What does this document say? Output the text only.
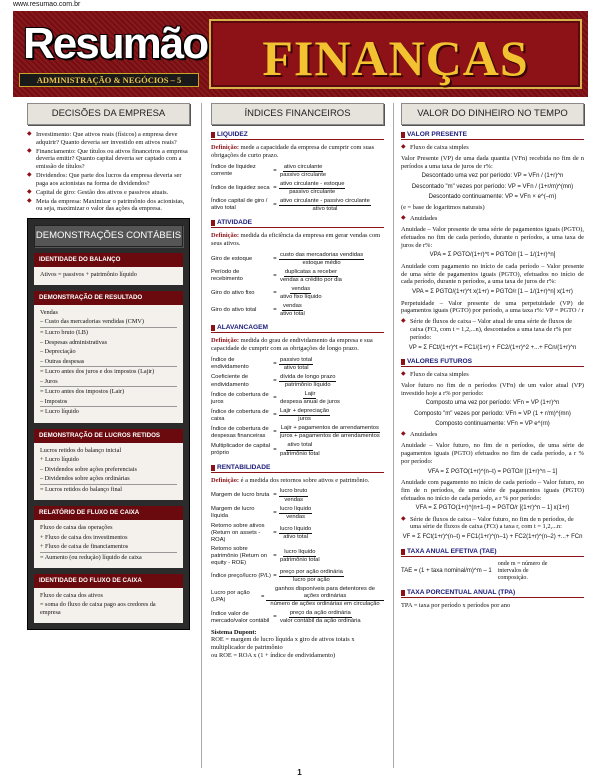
www.resumao.com.br
Resumão
ADMINISTRAÇÃO & NEGÓCIOS – 5	FINANÇAS
DECISÕES DA EMPRESA
◆ Investimento: Que ativos reais (físicos) a empresa deve adquirir? Quanto deveria ser investido em ativos reais?
◆ Financiamento: Que títulos ou ativos financeiros a empresa deveria emitir? Quanto capital deveria ser captado com a emissão de títulos?
◆ Dividendos: Que parte dos lucros da empresa deveria ser paga aos acionistas na forma de dividendos?
◆ Capital de giro: Gestão dos ativos e passivos atuais.
◆ Meta da empresa: Maximizar o patrimônio dos acionistas, ou seja, maximizar o valor das ações da empresa.
DEMONSTRAÇÕES CONTÁBEIS
IDENTIDADE DO BALANÇO
Ativos = passivos + patrimônio líquido
DEMONSTRAÇÃO DE RESULTADO
Vendas
– Custo das mercadorias vendidas (CMV)
= Lucro bruto (LB)
– Despesas administrativas
– Depreciação
– Outras despesas
= Lucro antes dos juros e dos impostos (Lajir)
– Juros
= Lucro antes dos impostos (Lair)
– Impostos
= Lucro líquido
DEMONSTRAÇÃO DE LUCROS RETIDOS
Lucros retidos do balanço inicial
+ Lucro líquido
– Dividendos sobre ações preferenciais
– Dividendos sobre ações ordinárias
= Lucros retidos do balanço final
RELATÓRIO DE FLUXO DE CAIXA
Fluxo de caixa das operações
+ Fluxo de caixa dos investimentos
+ Fluxo de caixa de financiamentos
= Aumento (ou redução) líquido de caixa
IDENTIDADE DO FLUXO DE CAIXA
Fluxo de caixa dos ativos
= soma do fluxo de caixa pago aos credores da empresa
ÍNDICES FINANCEIROS
LIQUIDEZ
Definição: mede a capacidade da empresa de cumprir com suas obrigações de curto prazo.
Índice de liquidez corrente
= $\frac{\text{ativo circulante}}{\text{passivo circulante}}$
Índice de liquidez $\sec a = \frac{\text{ativo circulante - estoque}}{\text{passivo circulante}}$
Índice capital de giro / ativo total
= $\frac{\text{ativo circulante - passivo circulante}}{\text{ativo total}}$
ATIVIDADE
Definição: medida da eficiência da empresa em gerar vendas com seus ativos.
Giro de estoque	= $\frac{\text{custo das mercadorias vendidas}}{\text{estoque médio}}$
Período de recebimento
= $\frac{\text{duplicatas a receber}}{\text{vendas a crédito por dia}}$
Giro do ativo fixo	= $\frac{\text{vendas}}{\text{ativo fixo líquido}}$
Giro do ativo total	= $\frac{\text{vendas}}{\text{ativo total}}$
ALAVANCAGEM
Definição: medida do grau de endividamento da empresa e sua capacidade de cumprir com as obrigações de longo prazo.
Índice de endividamento
= $\frac{\text{passivo total}}{\text{ativo total}}$
Coeficiente de endividamento
= $\frac{\text{dívida de longo prazo}}{\text{patrimônio líquido}}$
Índice de cobertura de juros
= $\frac{\text{Lajir}}{\text{despesa anual de juros}}$
Índice de cobertura de caixa
= $\frac{\text{Lajir + depreciação}}{\text{juros}}$
Índice de cobertura de despesas financeiras
= $\frac{\text{Lajir + pagamentos de arrendamentos}}{\text{juros + pagamentos de arrendamentos}}$
Multiplicador de capital próprio
= $\frac{\text{ativo total}}{\text{patrimônio total}}$
RENTABILIDADE
Definição: é a medida dos retornos sobre ativos e patrimônio.
Margem de lucro bruta = $\frac{\text{lucro bruto}}{\text{vendas}}$
Margem de lucro líquida
= $\frac{\text{lucro líquido}}{\text{vendas}}$
Retorno sobre ativos (Return on assets - ROA)
= $\frac{\text{lucro líquido}}{\text{ativo total}}$
Retorno sobre patrimônio (Return on equity - ROE)
= $\frac{\text{lucro líquido}}{\text{patrimônio total}}$
Índice preço/lucro $(P/L) = \frac{\text{preço por ação ordinária}}{\text{lucro por ação}}$
Lucro por ação (LPA)
= $\frac{\text{ganhos disponíveis para detentores de ações ordinárias}}{\text{número de ações ordinárias em circulação}}$
Índice valor de mercado/valor contábil
= $\frac{\text{preço da ação ordinária}}{\text{valor contábil da ação ordinária}}$
Sistema Dupont:
ROE = margem de lucro líquida x giro de ativos totais x multiplicador de patrimônio
ou ROE = ROA x (1 + índice de endividamento)
VALOR DO DINHEIRO NO TEMPO
VALOR PRESENTE
◆ Fluxo de caixa simples
Valor Presente (VP) de uma dada quantia (VFn) recebida no fim de n períodos a uma taxa de juros de r%:
Descontado uma vez por período: VP = VFn / (1+r)^n
Descontado "m" vezes por período: VP = VFn / (1+r/m)^(mn)
Descontado continuamente: VP = VFn × e^(–rn)
(e = base de logaritmos naturais)
◆ Anuidades
Anuidade – Valor presente de uma série de pagamentos iguais (PGTO), efetuados no fim de cada período, durante n períodos, a uma taxa de juros de r%:
VPA = Σ PGTO/(1+r)^t = PGTO/r [1 – 1/(1+r)^n]
Anuidade com pagamento no início de cada período – Valor presente de uma série de pagamentos iguais (PGTO), efetuados no início de cada período, durante n períodos, a uma taxa de juros de r%:
VPA = Σ PGTO/(1+r)^t x(1+r) = PGTO/r [1 – 1/(1+r)^n] x(1+r)
Perpetuidade – Valor presente de uma perpetuidade (VP) de pagamentos iguais (PGTO) por período, a uma taxa r%: VP = PGTO / r
◆ Série de fluxos de caixa – Valor atual de uma série de fluxos de caixa (FCt, com t = 1,2,...n), descontados a uma taxa de r% por período:
VP = Σ FCt/(1+r)^t = FC1/(1+r) + FC2/(1+r)^2 +...+ FCn/(1+r)^n
VALORES FUTUROS
◆ Fluxo de caixa simples
Valor futuro no fim de n períodos (VFn) de um valor atual (VP) investido hoje a r% por período:
Composto uma vez por período: VFn = VP (1+r)^n
Composto "m" vezes por período: VFn = VP (1 + r/m)^(mn)
Composto continuamente: VFn = VP e^(rn)
◆ Anuidades
Anuidade – Valor futuro, no fim de n períodos, de uma série de pagamentos iguais (PGTO) efetuados no fim de cada período, a r % por período:
VFA = Σ PGTO(1+r)^(n–t) = PGTO/r [(1+r)^n – 1]
Anuidade com pagamento no início de cada período – Valor futuro, no fim de n períodos, de uma série de pagamentos iguais (PGTO) efetuados no início de cada período, a r % por período:
VFA = Σ PGTO(1+r)^(n+1–t) = PGTO/r [(1+r)^n – 1] x(1+r)
◆ Série de fluxos de caixa – Valor futuro, no fim de n períodos, de uma série de fluxos de caixa (FCt) a taxa r, com t = 1,2,...n:
VF = Σ FCt(1+r)^(n–t) = FC1(1+r)^(n–1) + FC2(1+r)^(n–2) +...+ FCn
TAXA ANUAL EFETIVA (TAE)
TAE = (1 + taxa nominal/m)^m – 1
onde m = número de intervalos de composição.
TAXA PORCENTUAL ANUAL (TPA)
TPA = taxa por período x períodos por ano
1
